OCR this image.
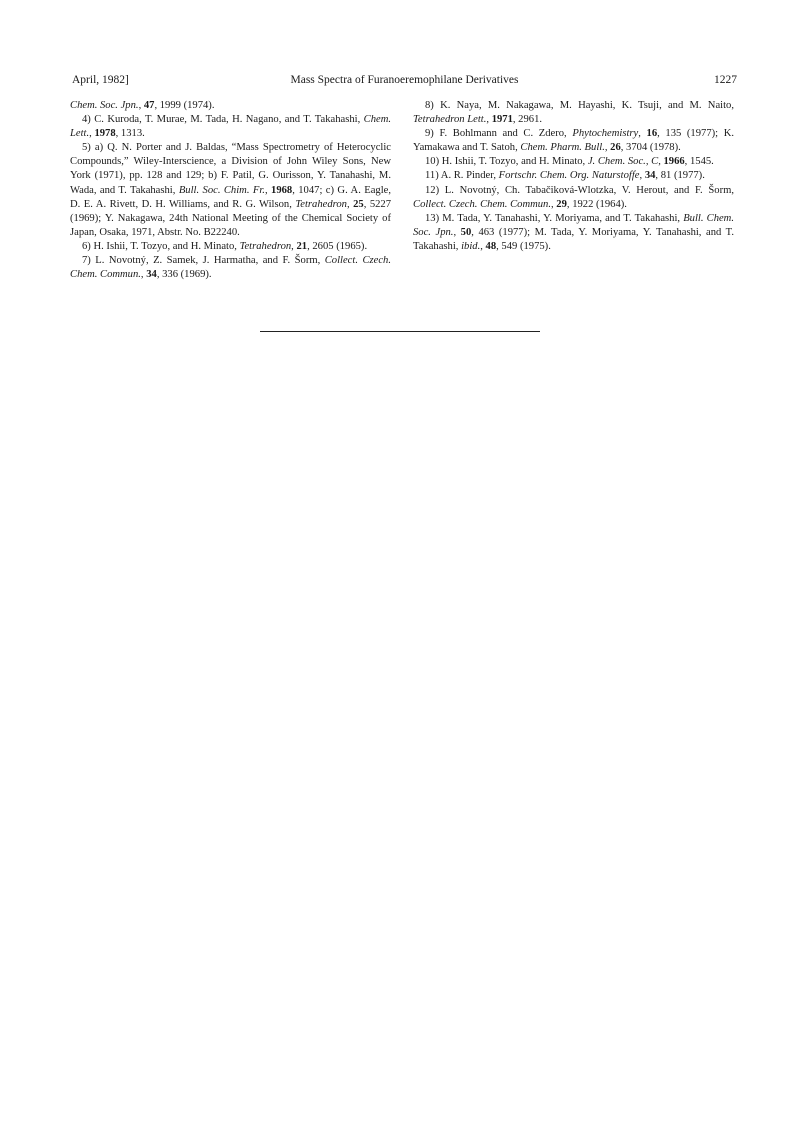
April, 1982]	Mass Spectra of Furanoeremophilane Derivatives	1227

Chem. Soc. Jpn., 47, 1999 (1974).

4) C. Kuroda, T. Murae, M. Tada, H. Nagano, and T. Takahashi, Chem. Lett., 1978, 1313.

5) a) Q. N. Porter and J. Baldas, “Mass Spectrometry of Heterocyclic Compounds,” Wiley-Interscience, a Division of John Wiley Sons, New York (1971), pp. 128 and 129; b) F. Patil, G. Ourisson, Y. Tanahashi, M. Wada, and T. Takahashi, Bull. Soc. Chim. Fr., 1968, 1047; c) G. A. Eagle, D. E. A. Rivett, D. H. Williams, and R. G. Wilson, Tetrahedron, 25, 5227 (1969); Y. Nakagawa, 24th National Meeting of the Chemical Society of Japan, Osaka, 1971, Abstr. No. B22240.

6) H. Ishii, T. Tozyo, and H. Minato, Tetrahedron, 21, 2605 (1965).

7) L. Novotný, Z. Samek, J. Harmatha, and F. Šorm, Collect. Czech. Chem. Commun., 34, 336 (1969).

8) K. Naya, M. Nakagawa, M. Hayashi, K. Tsuji, and M. Naito, Tetrahedron Lett., 1971, 2961.

9) F. Bohlmann and C. Zdero, Phytochemistry, 16, 135 (1977); K. Yamakawa and T. Satoh, Chem. Pharm. Bull., 26, 3704 (1978).

10) H. Ishii, T. Tozyo, and H. Minato, J. Chem. Soc., C, 1966, 1545.

11) A. R. Pinder, Fortschr. Chem. Org. Naturstoffe, 34, 81 (1977).

12) L. Novotný, Ch. Tabačiková-Wlotzka, V. Herout, and F. Šorm, Collect. Czech. Chem. Commun., 29, 1922 (1964).

13) M. Tada, Y. Tanahashi, Y. Moriyama, and T. Takahashi, Bull. Chem. Soc. Jpn., 50, 463 (1977); M. Tada, Y. Moriyama, Y. Tanahashi, and T. Takahashi, ibid., 48, 549 (1975).
